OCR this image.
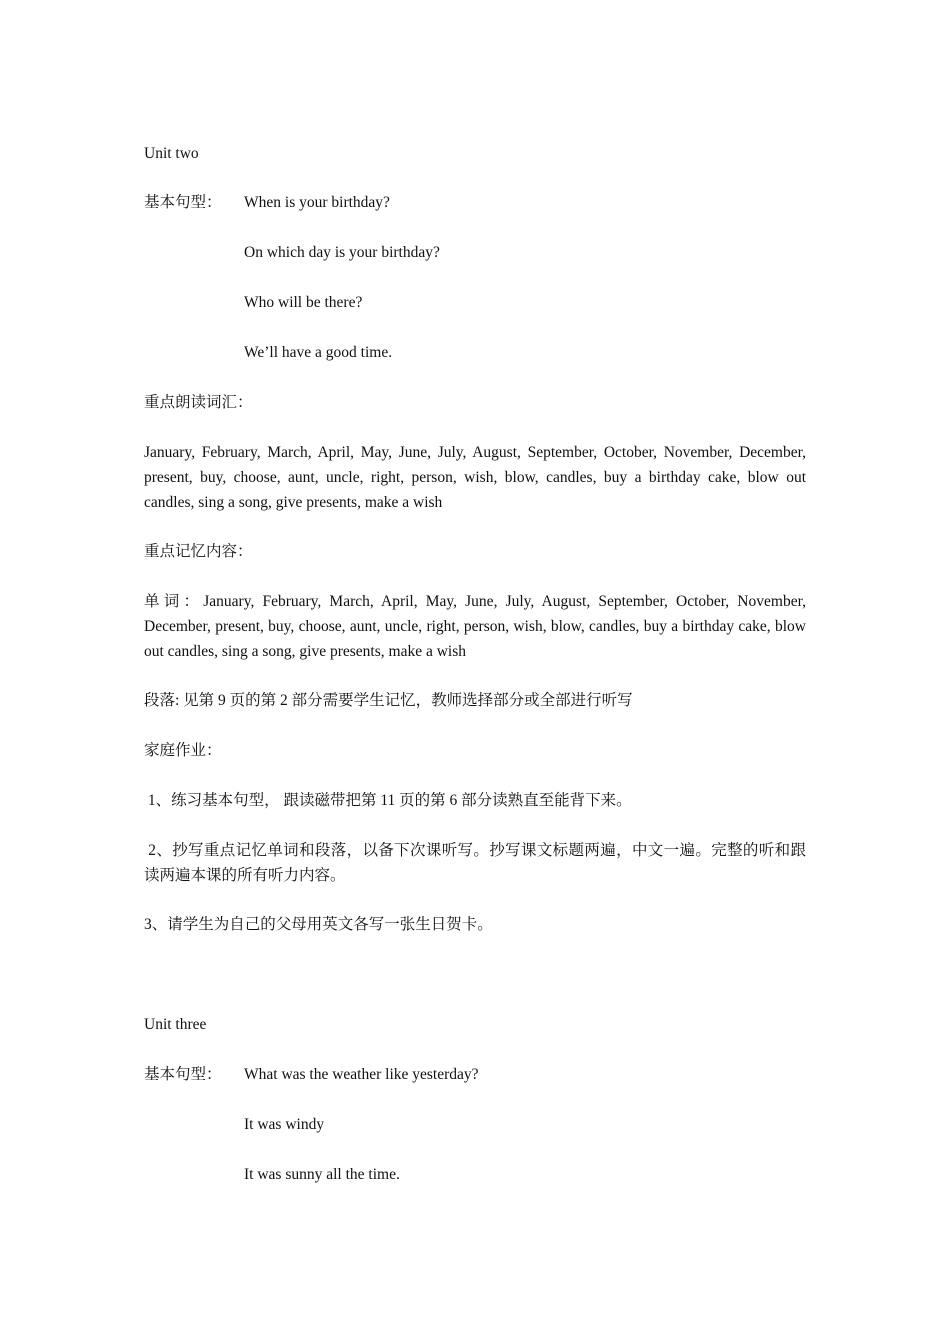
Unit two
基本句型： When is your birthday?
On which day is your birthday?
Who will be there?
We’ll have a good time.
重点朗读词汇：
January, February, March, April, May, June, July, August, September, October, November, December, present, buy, choose, aunt, uncle, right, person, wish, blow, candles, buy a birthday cake, blow out candles, sing a song, give presents, make a wish
重点记忆内容：
单词：January, February, March, April, May, June, July, August, September, October, November, December, present, buy, choose, aunt, uncle, right, person, wish, blow, candles, buy a birthday cake, blow out candles, sing a song, give presents, make a wish
段落: 见第 9 页的第 2 部分需要学生记忆，教师选择部分或全部进行听写
家庭作业：
1、练习基本句型， 跟读磁带把第 11 页的第 6 部分读熟直至能背下来。
2、抄写重点记忆单词和段落，以备下次课听写。抄写课文标题两遍，中文一遍。完整的听和跟读两遍本课的所有听力内容。
3、请学生为自己的父母用英文各写一张生日贺卡。
Unit three
基本句型： What was the weather like yesterday?
It was windy
It was sunny all the time.
